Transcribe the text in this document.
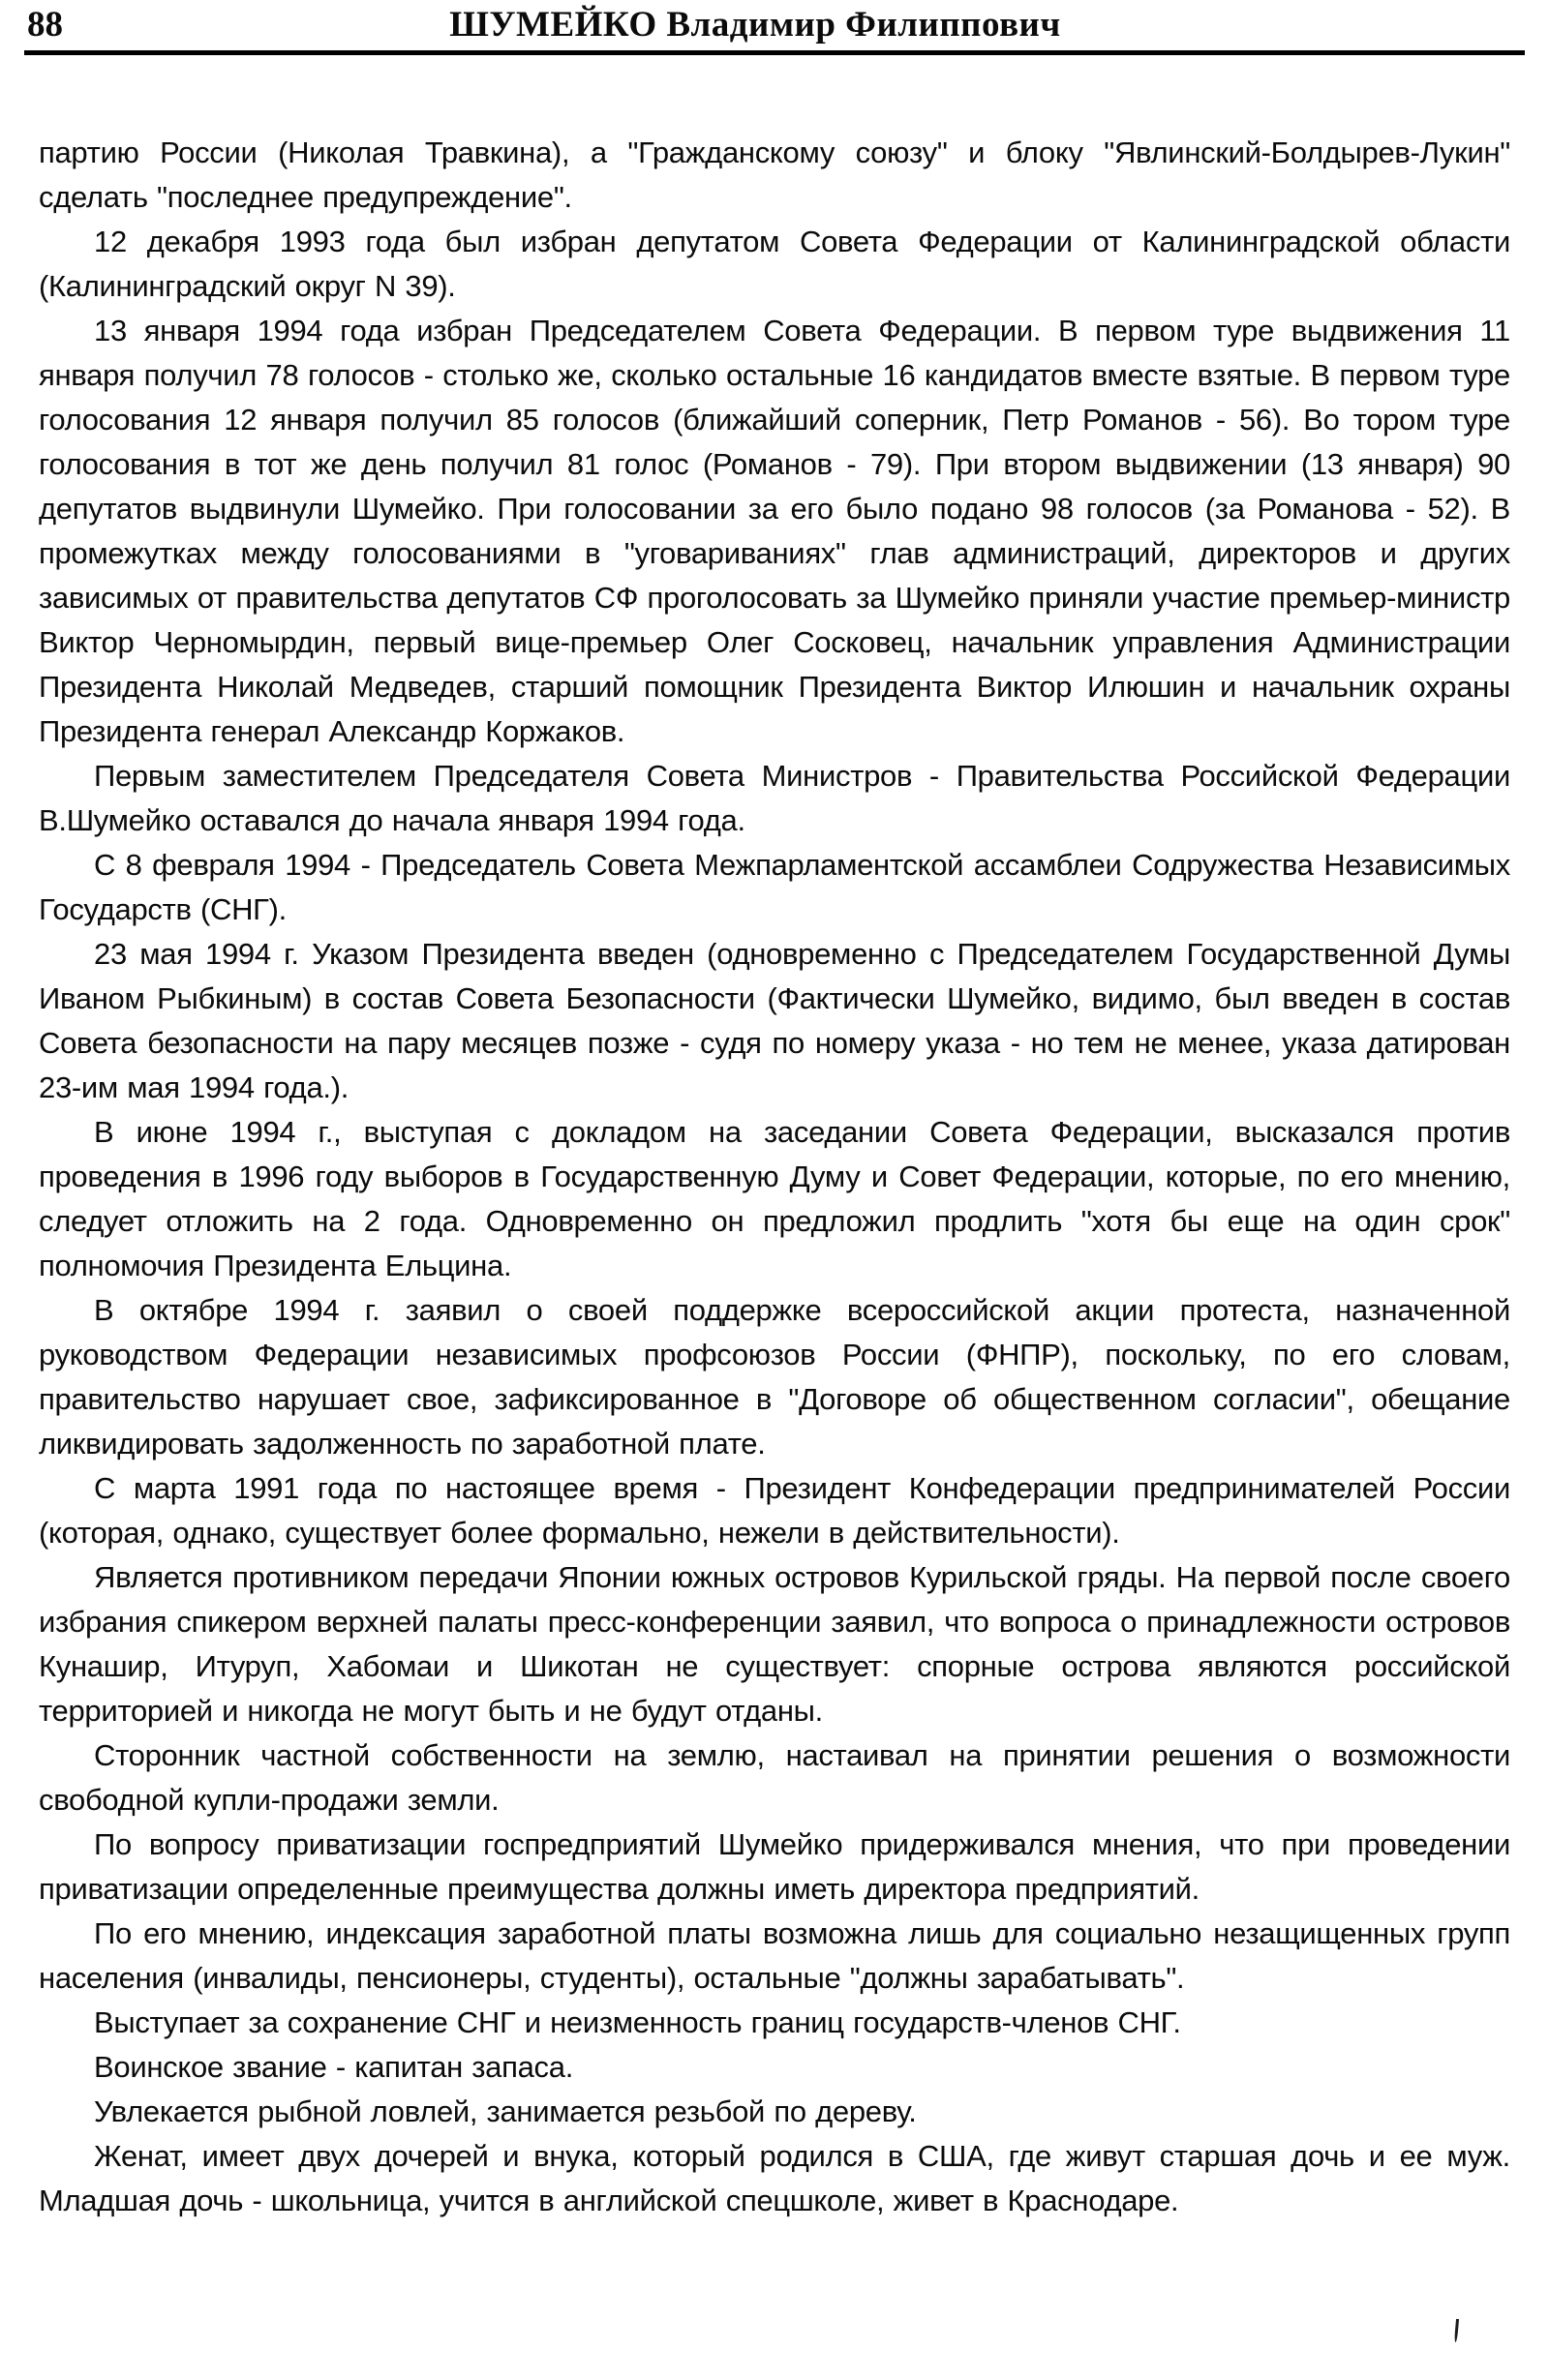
88	ШУМЕЙКО Владимир Филиппович

партию России (Николая Травкина), а "Гражданскому союзу" и блоку "Явлинский-Болдырев-Лукин" сделать "последнее предупреждение".

12 декабря 1993 года был избран депутатом Совета Федерации от Калининградской области (Калининградский округ N 39).

13 января 1994 года избран Председателем Совета Федерации. В первом туре выдвижения 11 января получил 78 голосов - столько же, сколько остальные 16 кандидатов вместе взятые. В первом туре голосования 12 января получил 85 голосов (ближайший соперник, Петр Романов - 56). Во тором туре голосования в тот же день получил 81 голос (Романов - 79). При втором выдвижении (13 января) 90 депутатов выдвинули Шумейко. При голосовании за его было подано 98 голосов (за Романова - 52). В промежутках между голосованиями в "уговариваниях" глав администраций, директоров и других зависимых от правительства депутатов СФ проголосовать за Шумейко приняли участие премьер-министр Виктор Черномырдин, первый вице-премьер Олег Сосковец, начальник управления Администрации Президента Николай Медведев, старший помощник Президента Виктор Илюшин и начальник охраны Президента генерал Александр Коржаков.

Первым заместителем Председателя Совета Министров - Правительства Российской Федерации В.Шумейко оставался до начала января 1994 года.

С 8 февраля 1994 - Председатель Совета Межпарламентской ассамблеи Содружества Независимых Государств (СНГ).

23 мая 1994 г. Указом Президента введен (одновременно с Председателем Государственной Думы Иваном Рыбкиным) в состав Совета Безопасности (Фактически Шумейко, видимо, был введен в состав Совета безопасности на пару месяцев позже - судя по номеру указа - но тем не менее, указа датирован 23-им мая 1994 года.).

В июне 1994 г., выступая с докладом на заседании Совета Федерации, высказался против проведения в 1996 году выборов в Государственную Думу и Совет Федерации, которые, по его мнению, следует отложить на 2 года. Одновременно он предложил продлить "хотя бы еще на один срок" полномочия Президента Ельцина.

В октябре 1994 г. заявил о своей поддержке всероссийской акции протеста, назначенной руководством Федерации независимых профсоюзов России (ФНПР), поскольку, по его словам, правительство нарушает свое, зафиксированное в "Договоре об общественном согласии", обещание ликвидировать задолженность по заработной плате.

С марта 1991 года по настоящее время - Президент Конфедерации предпринимателей России (которая, однако, существует более формально, нежели в действительности).

Является противником передачи Японии южных островов Курильской гряды. На первой после своего избрания спикером верхней палаты пресс-конференции заявил, что вопроса о принадлежности островов Кунашир, Итуруп, Хабомаи и Шикотан не существует: спорные острова являются российской территорией и никогда не могут быть и не будут отданы.

Сторонник частной собственности на землю, настаивал на принятии решения о возможности свободной купли-продажи земли.

По вопросу приватизации госпредприятий Шумейко придерживался мнения, что при проведении приватизации определенные преимущества должны иметь директора предприятий.

По его мнению, индексация заработной платы возможна лишь для социально незащищенных групп населения (инвалиды, пенсионеры, студенты), остальные "должны зарабатывать".

Выступает за сохранение СНГ и неизменность границ государств-членов СНГ.

Воинское звание - капитан запаса.

Увлекается рыбной ловлей, занимается резьбой по дереву.

Женат, имеет двух дочерей и внука, который родился в США, где живут старшая дочь и ее муж. Младшая дочь - школьница, учится в английской спецшколе, живет в Краснодаре.
